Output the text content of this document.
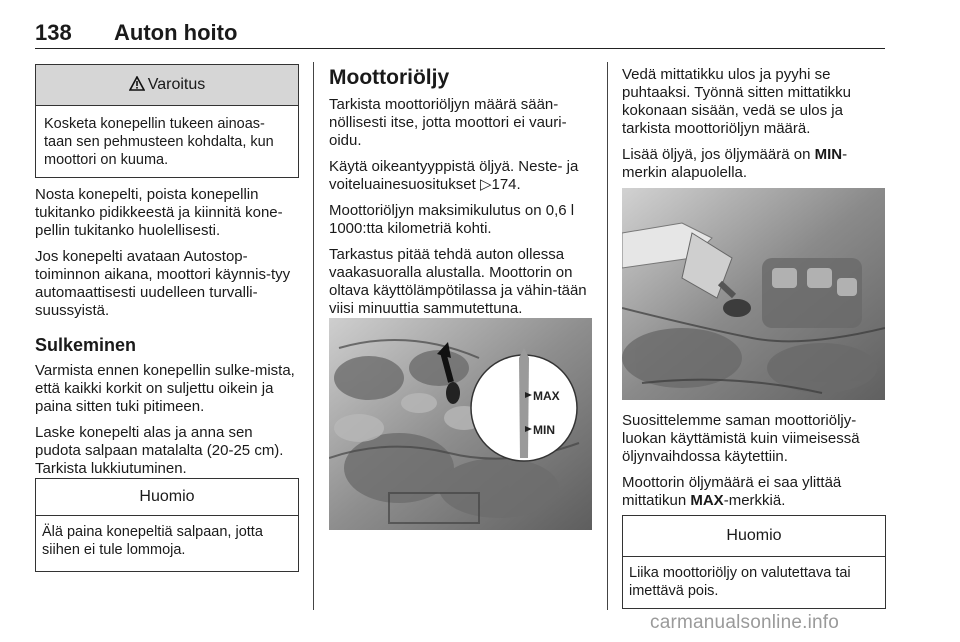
138 Auton hoito
Varoitus
Kosketa konepellin tukeen ainoas-taan sen pehmusteen kohdalta, kun moottori on kuuma.

Nosta konepelti, poista konepellin tukitanko pidikkeestä ja kiinnitä kone-pellin tukitanko huolellisesti.

Jos konepelti avataan Autostop-toiminnon aikana, moottori käynnis-tyy automaattisesti uudelleen turvalli-suussyistä.

Sulkeminen

Varmista ennen konepellin sulke-mista, että kaikki korkit on suljettu oikein ja paina sitten tuki pitimeen.

Laske konepelti alas ja anna sen pudota salpaan matalalta (20-25 cm). Tarkista lukkiutuminen.

Huomio
Älä paina konepeltiä salpaan, jotta siihen ei tule lommoja.
Moottoriöljy

Tarkista moottoriöljyn määrä sään-nöllisesti itse, jotta moottori ei vauri-oidu.

Käytä oikeantyyppistä öljyä. Neste- ja voiteluainesuositukset ▷174.

Moottoriöljyn maksimikulutus on 0,6 l 1000:tta kilometriä kohti.

Tarkastus pitää tehdä auton ollessa vaakasuoralla alustalla. Moottorin on oltava käyttölämpötilassa ja vähin-tään viisi minuuttia sammutettuna.

MAX
MIN

Vedä mittatikku ulos ja pyyhi se puhtaaksi. Työnnä sitten mittatikku kokonaan sisään, vedä se ulos ja tarkista moottoriöljyn määrä.

Lisää öljyä, jos öljymäärä on MIN-merkin alapuolella.

Suosittelemme saman moottoriöljy-luokan käyttämistä kuin viimeisessä öljynvaihdossa käytettiin.

Moottorin öljymäärä ei saa ylittää mittatikun MAX-merkkiä.

Huomio
Liika moottoriöljy on valutettava tai imettävä pois.
carmanualsonline.info
